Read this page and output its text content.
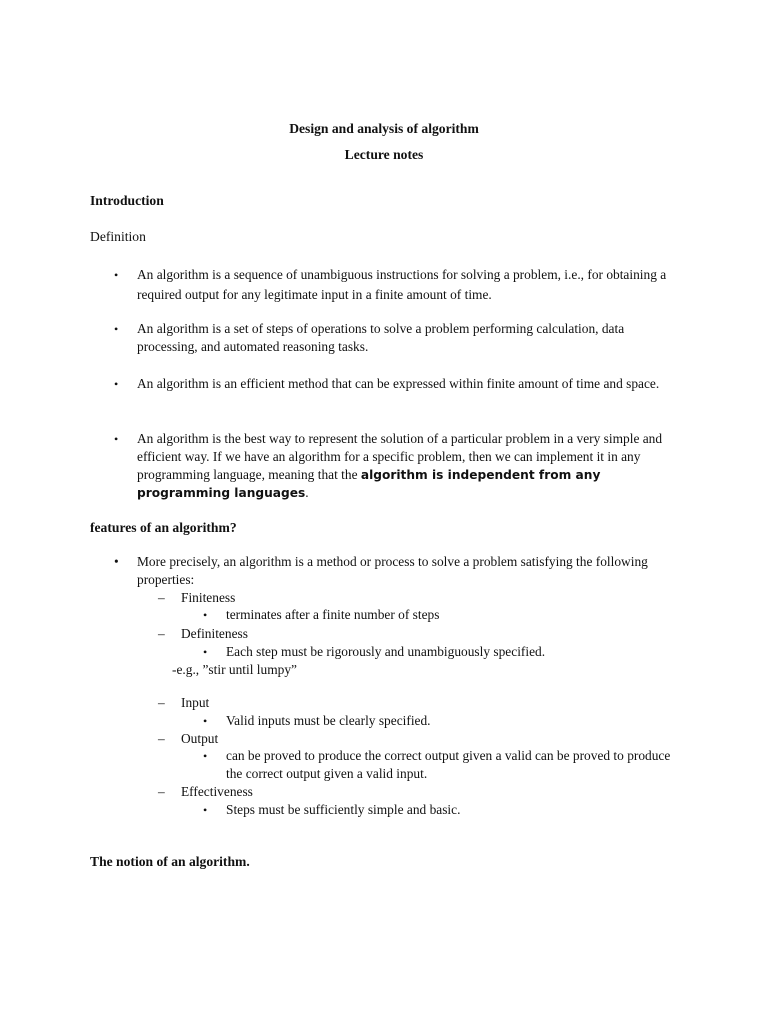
Design and analysis of algorithm
Lecture notes
Introduction
Definition
• An algorithm is a sequence of unambiguous instructions for solving a problem, i.e., for obtaining a required output for any legitimate input in a finite amount of time.
• An algorithm is a set of steps of operations to solve a problem performing calculation, data processing, and automated reasoning tasks.
• An algorithm is an efficient method that can be expressed within finite amount of time and space.
• An algorithm is the best way to represent the solution of a particular problem in a very simple and efficient way. If we have an algorithm for a specific problem, then we can implement it in any programming language, meaning that the algorithm is independent from any programming languages.
features of an algorithm?
• More precisely, an algorithm is a method or process to solve a problem satisfying the following properties:
– Finiteness
• terminates after a finite number of steps
– Definiteness
• Each step must be rigorously and unambiguously specified.
-e.g., ”stir until lumpy”
– Input
• Valid inputs must be clearly specified.
– Output
• can be proved to produce the correct output given a valid can be proved to produce the correct output given a valid input.
– Effectiveness
• Steps must be sufficiently simple and basic.
The notion of an algorithm.
